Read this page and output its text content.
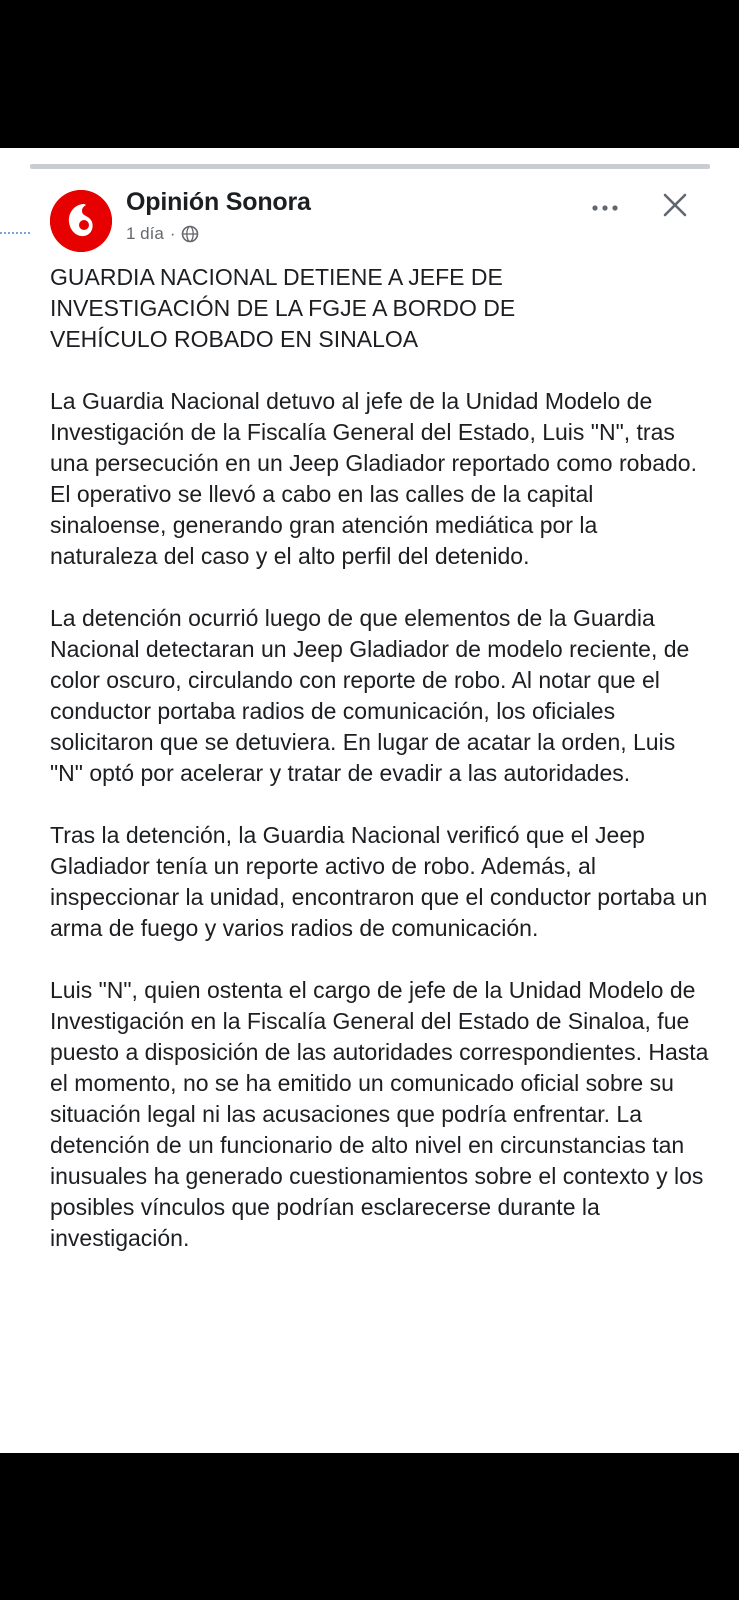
Opinión Sonora
1 día ·

GUARDIA NACIONAL DETIENE A JEFE DE
INVESTIGACIÓN DE LA FGJE A BORDO DE
VEHÍCULO ROBADO EN SINALOA

La Guardia Nacional detuvo al jefe de la Unidad Modelo de Investigación de la Fiscalía General del Estado, Luis "N", tras una persecución en un Jeep Gladiador reportado como robado. El operativo se llevó a cabo en las calles de la capital sinaloense, generando gran atención mediática por la naturaleza del caso y el alto perfil del detenido.

La detención ocurrió luego de que elementos de la Guardia Nacional detectaran un Jeep Gladiador de modelo reciente, de color oscuro, circulando con reporte de robo. Al notar que el conductor portaba radios de comunicación, los oficiales solicitaron que se detuviera. En lugar de acatar la orden, Luis "N" optó por acelerar y tratar de evadir a las autoridades.

Tras la detención, la Guardia Nacional verificó que el Jeep Gladiador tenía un reporte activo de robo. Además, al inspeccionar la unidad, encontraron que el conductor portaba un arma de fuego y varios radios de comunicación.

Luis "N", quien ostenta el cargo de jefe de la Unidad Modelo de Investigación en la Fiscalía General del Estado de Sinaloa, fue puesto a disposición de las autoridades correspondientes. Hasta el momento, no se ha emitido un comunicado oficial sobre su situación legal ni las acusaciones que podría enfrentar. La detención de un funcionario de alto nivel en circunstancias tan inusuales ha generado cuestionamientos sobre el contexto y los posibles vínculos que podrían esclarecerse durante la investigación.
